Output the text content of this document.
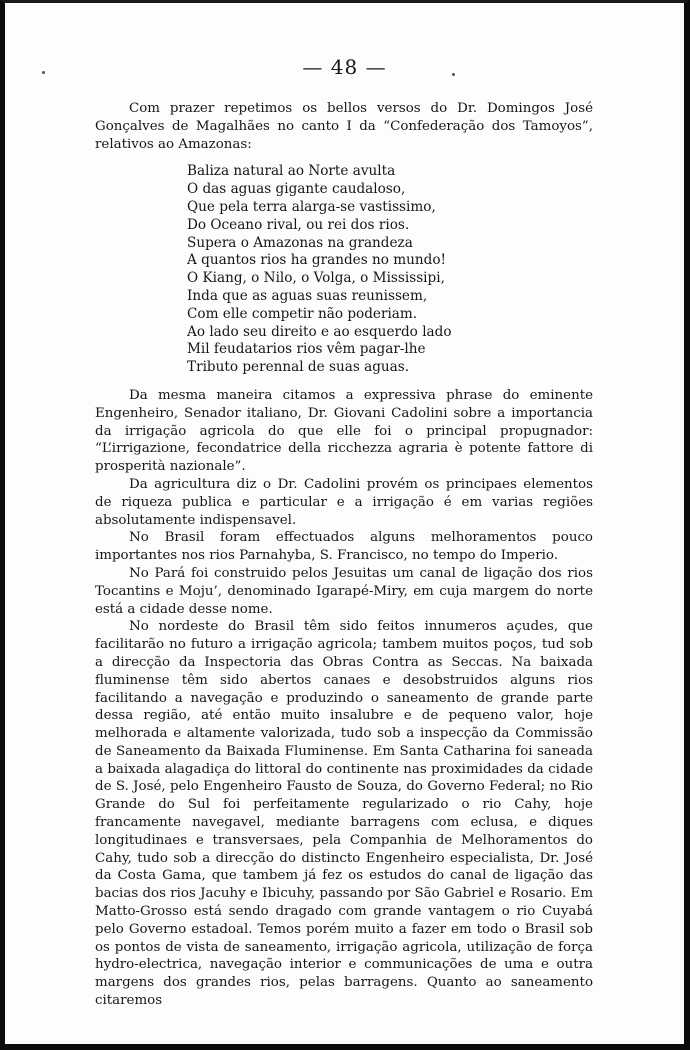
— 48 —

Com prazer repetimos os bellos versos do Dr. Domingos José Gonçalves de Magalhães no canto I da “Confederação dos Tamoyos”, relativos ao Amazonas:

Baliza natural ao Norte avulta
O das aguas gigante caudaloso,
Que pela terra alarga-se vastissimo,
Do Oceano rival, ou rei dos rios.
Supera o Amazonas na grandeza
A quantos rios ha grandes no mundo!
O Kiang, o Nilo, o Volga, o Mississipi,
Inda que as aguas suas reunissem,
Com elle competir não poderiam.
Ao lado seu direito e ao esquerdo lado
Mil feudatarios rios vêm pagar-lhe
Tributo perennal de suas aguas.

Da mesma maneira citamos a expressiva phrase do eminente Engenheiro, Senador italiano, Dr. Giovani Cadolini sobre a importancia da irrigação agricola do que elle foi o principal propugnador: “L’irrigazione, fecondatrice della ricchezza agraria è potente fattore di prosperità nazionale”.

Da agricultura diz o Dr. Cadolini provém os principaes elementos de riqueza publica e particular e a irrigação é em varias regiões absolutamente indispensavel.

No Brasil foram effectuados alguns melhoramentos pouco importantes nos rios Parnahyba, S. Francisco, no tempo do Imperio.

No Pará foi construido pelos Jesuitas um canal de ligação dos rios Tocantins e Moju’, denominado Igarapé-Miry, em cuja margem do norte está a cidade desse nome.

No nordeste do Brasil têm sido feitos innumeros açudes, que facilitarão no futuro a irrigação agricola; tambem muitos poços, tud sob a direcção da Inspectoria das Obras Contra as Seccas. Na baixada fluminense têm sido abertos canaes e desobstruidos alguns rios facilitando a navegação e produzindo o saneamento de grande parte dessa região, até então muito insalubre e de pequeno valor, hoje melhorada e altamente valorizada, tudo sob a inspecção da Commissão de Saneamento da Baixada Fluminense. Em Santa Catharina foi saneada a baixada alagadiça do littoral do continente nas proximidades da cidade de S. José, pelo Engenheiro Fausto de Souza, do Governo Federal; no Rio Grande do Sul foi perfeitamente regularizado o rio Cahy, hoje francamente navegavel, mediante barragens com eclusa, e diques longitudinaes e transversaes, pela Companhia de Melhoramentos do Cahy, tudo sob a direcção do distincto Engenheiro especialista, Dr. José da Costa Gama, que tambem já fez os estudos do canal de ligação das bacias dos rios Jacuhy e Ibicuhy, passando por São Gabriel e Rosario. Em Matto-Grosso está sendo dragado com grande vantagem o rio Cuyabá pelo Governo estadoal. Temos porém muito a fazer em todo o Brasil sob os pontos de vista de saneamento, irrigação agricola, utilização de força hydro-electrica, navegação interior e communicações de uma e outra margens dos grandes rios, pelas barragens. Quanto ao saneamento citaremos
